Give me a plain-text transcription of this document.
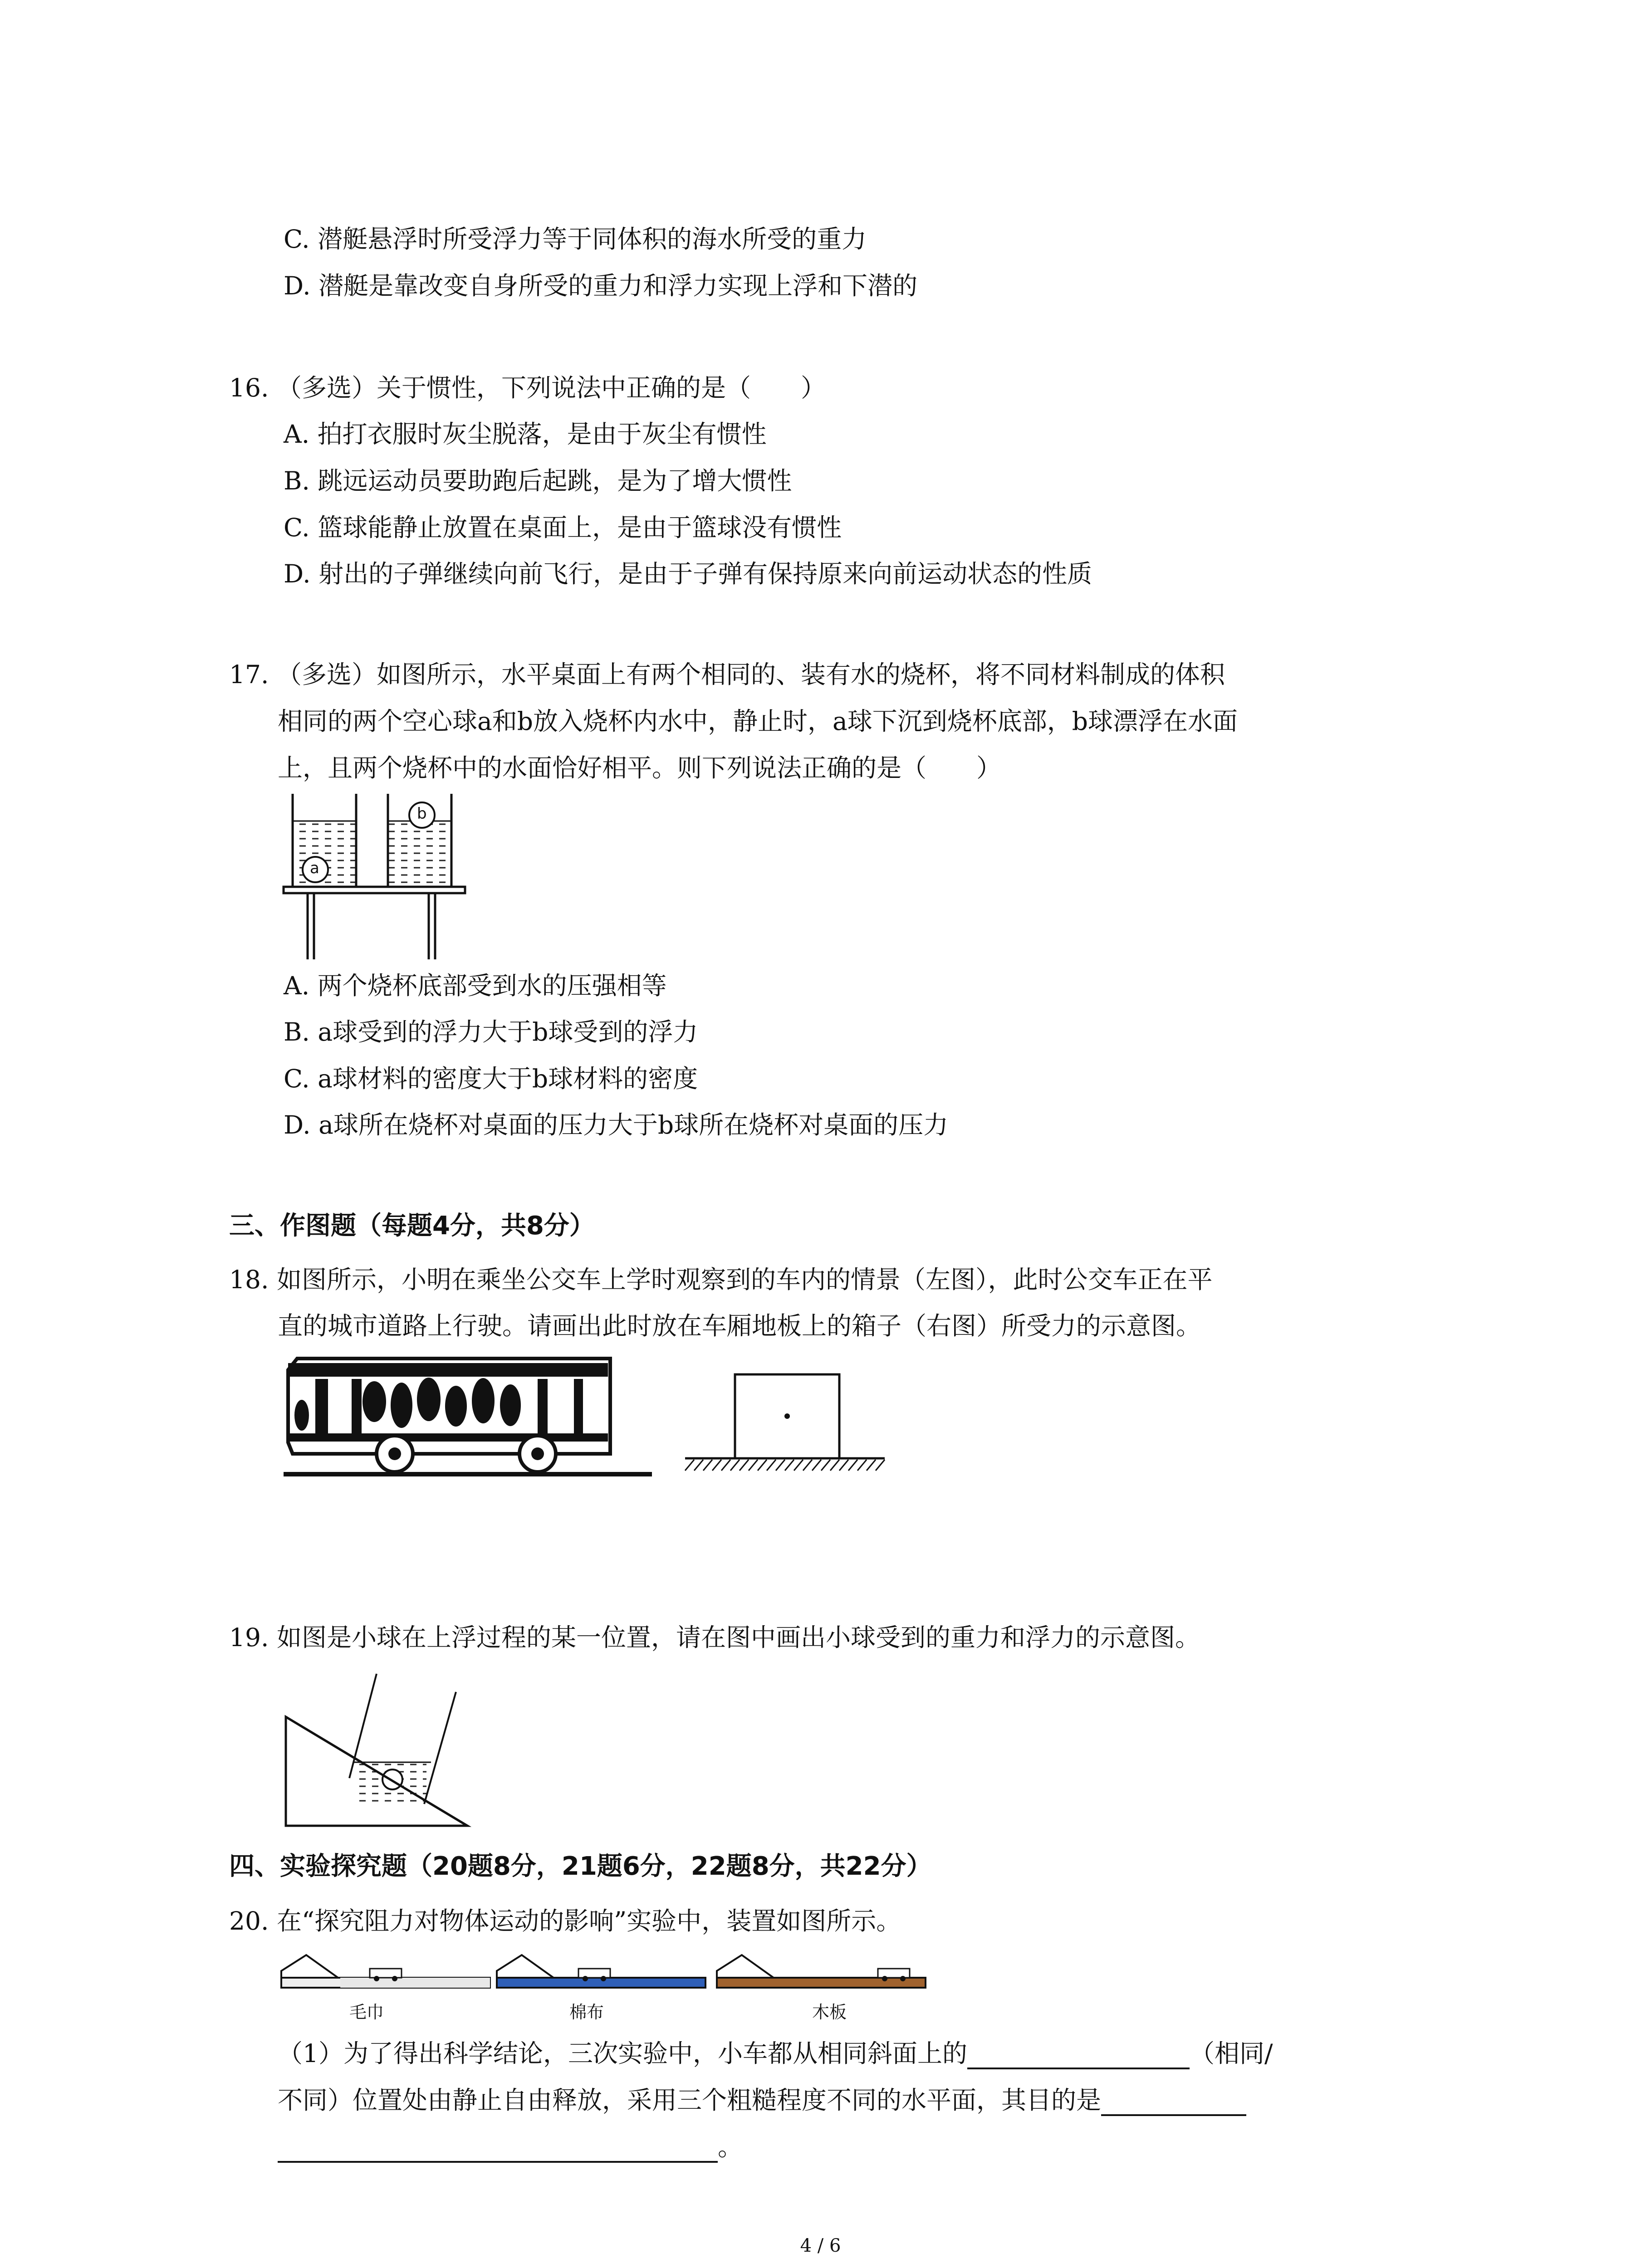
C. 潜艇悬浮时所受浮力等于同体积的海水所受的重力
D. 潜艇是靠改变自身所受的重力和浮力实现上浮和下潜的
16. （多选）关于惯性，下列说法中正确的是（　　）
A. 拍打衣服时灰尘脱落，是由于灰尘有惯性
B. 跳远运动员要助跑后起跳，是为了增大惯性
C. 篮球能静止放置在桌面上，是由于篮球没有惯性
D. 射出的子弹继续向前飞行，是由于子弹有保持原来向前运动状态的性质
17. （多选）如图所示，水平桌面上有两个相同的、装有水的烧杯，将不同材料制成的体积
相同的两个空心球a和b放入烧杯内水中，静止时，a球下沉到烧杯底部，b球漂浮在水面
上，且两个烧杯中的水面恰好相平。则下列说法正确的是（　　）
a
b
A. 两个烧杯底部受到水的压强相等
B. a球受到的浮力大于b球受到的浮力
C. a球材料的密度大于b球材料的密度
D. a球所在烧杯对桌面的压力大于b球所在烧杯对桌面的压力
三、作图题（每题4分，共8分）
18. 如图所示，小明在乘坐公交车上学时观察到的车内的情景（左图），此时公交车正在平
直的城市道路上行驶。请画出此时放在车厢地板上的箱子（右图）所受力的示意图。
19. 如图是小球在上浮过程的某一位置，请在图中画出小球受到的重力和浮力的示意图。
四、实验探究题（20题8分，21题6分，22题8分，共22分）
20. 在“探究阻力对物体运动的影响”实验中，装置如图所示。
毛巾	棉布	木板
（1）为了得出科学结论，三次实验中，小车都从相同斜面上的	（相同/
不同）位置处由静止自由释放，采用三个粗糙程度不同的水平面，其目的是
。
4 / 6
